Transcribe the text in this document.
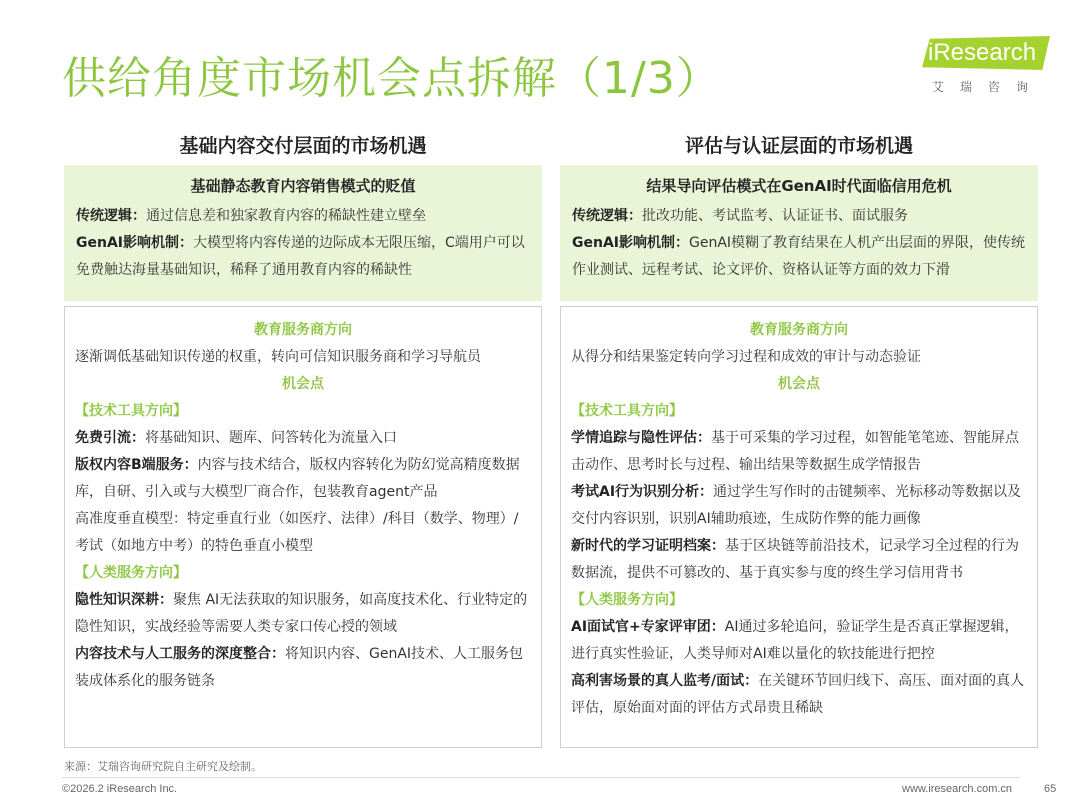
供给角度市场机会点拆解（1/3）
iResearch
艾瑞咨询
基础内容交付层面的市场机遇
基础静态教育内容销售模式的贬值

传统逻辑：通过信息差和独家教育内容的稀缺性建立壁垒

GenAI影响机制：大模型将内容传递的边际成本无限压缩，C端用户可以免费触达海量基础知识，稀释了通用教育内容的稀缺性

教育服务商方向
逐渐调低基础知识传递的权重，转向可信知识服务商和学习导航员
机会点
【技术工具方向】
免费引流：将基础知识、题库、问答转化为流量入口
版权内容B端服务：内容与技术结合，版权内容转化为防幻觉高精度数据库，自研、引入或与大模型厂商合作，包装教育agent产品
高准度垂直模型：特定垂直行业（如医疗、法律）/科目（数学、物理）/考试（如地方中考）的特色垂直小模型
【人类服务方向】
隐性知识深耕：聚焦 AI无法获取的知识服务，如高度技术化、行业特定的隐性知识，实战经验等需要人类专家口传心授的领域
内容技术与人工服务的深度整合：将知识内容、GenAI技术、人工服务包装成体系化的服务链条
评估与认证层面的市场机遇
结果导向评估模式在GenAI时代面临信用危机

传统逻辑：批改功能、考试监考、认证证书、面试服务

GenAI影响机制：GenAI模糊了教育结果在人机产出层面的界限，使传统作业测试、远程考试、论文评价、资格认证等方面的效力下滑

教育服务商方向
从得分和结果鉴定转向学习过程和成效的审计与动态验证
机会点
【技术工具方向】
学情追踪与隐性评估：基于可采集的学习过程，如智能笔笔迹、智能屏点击动作、思考时长与过程、输出结果等数据生成学情报告
考试AI行为识别分析：通过学生写作时的击键频率、光标移动等数据以及交付内容识别，识别AI辅助痕迹，生成防作弊的能力画像
新时代的学习证明档案：基于区块链等前沿技术，记录学习全过程的行为数据流，提供不可篡改的、基于真实参与度的终生学习信用背书
【人类服务方向】
AI面试官+专家评审团：AI通过多轮追问，验证学生是否真正掌握逻辑，进行真实性验证，人类导师对AI难以量化的软技能进行把控
高利害场景的真人监考/面试：在关键环节回归线下、高压、面对面的真人评估，原始面对面的评估方式昂贵且稀缺
来源：艾瑞咨询研究院自主研究及绘制。
©2026.2 iResearch Inc.	www.iresearch.com.cn	65
